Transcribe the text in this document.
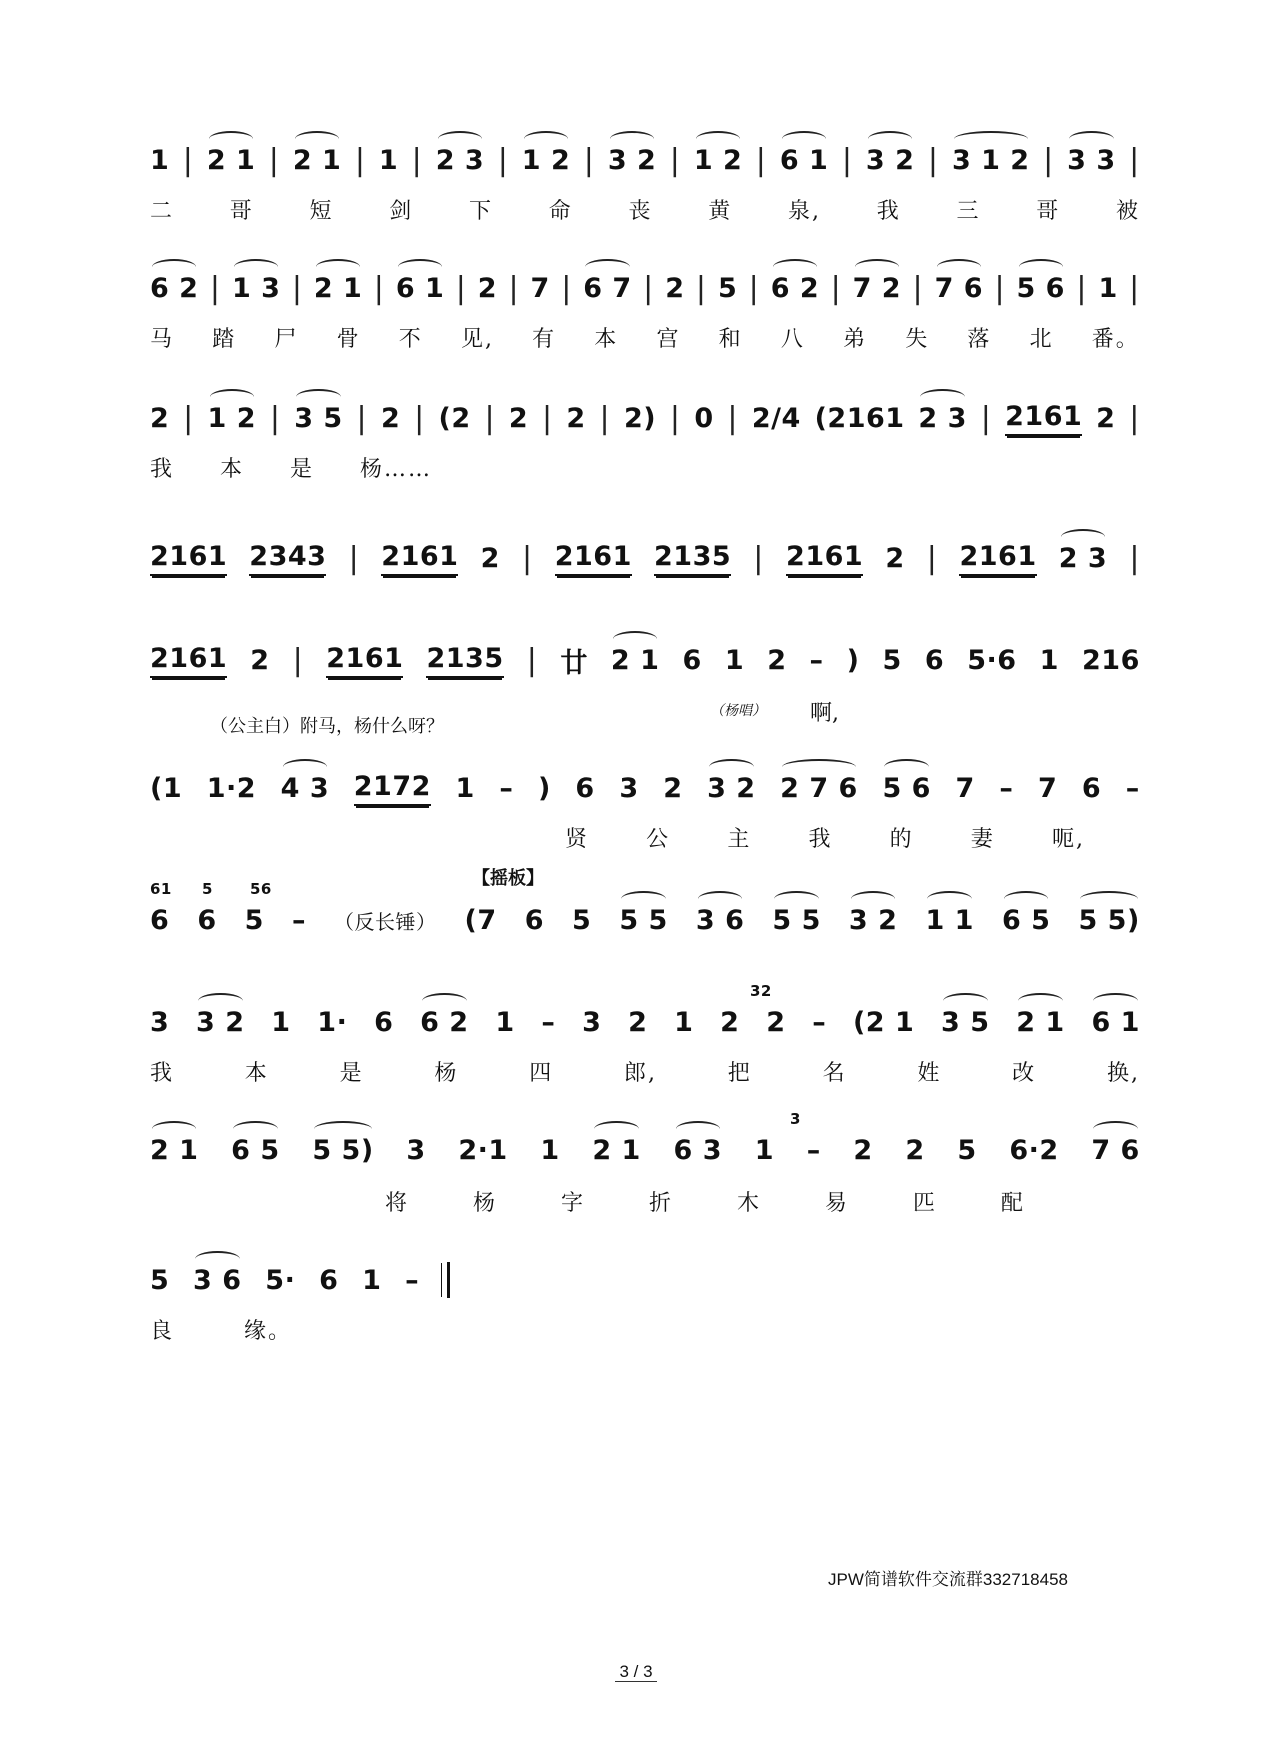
1 | 2 1 | 2 1 | 1 | 2 3 | 1 2 | 3 2 | 1 2 | 6 1 | 3 2 | 3 1 2 | 3 3 |
二	哥	短	剑	下	命	丧	黄	泉,	我	三	哥	被
6 2 | 1 3 | 2 1 | 6 1 | 2 | 7 | 6 7 | 2 | 5 | 6 2 | 7 2 | 7 6 | 5 6 | 1 |
马 踏 尸 骨 不 见, 有 本 宫 和 八 弟 失 落 北 番。
2 | 1 2 | 3 5 | 2 | (2 | 2 | 2 | 2) | 0 | 2/4 (2161 2 3 | 2161 2 |
我 本 是 杨……
2161 2343 | 2161 2 | 2161 2135 | 2161 2 | 2161 2 3 |
2161 2 | 2161 2135 | 廿 2 1 6 1 2 – ) 5 6 5·6 1 216
（公主白）附马，杨什么呀？
（杨唱） 啊,
(1 1·2 4 3 2172 1 – ) 6 3 2 3 2 2 7 6 5 6 7 – 7 6 –
贤	公	主	我	的	妻	呃,
【摇板】
6 6 5 – （反长锤） (7 6 5 5 5 3 6 5 5 3 2 1 1 6 5 5 5)
61 5 56
3 3 2 1 1· 6 6 2 1 – 3 2 1 2 2 – (2 1 3 5 2 1 6 1
32
我	本	是	杨	四	郎,	把	名	姓	改	换,
2 1 6 5 5 5) 3 2·1 1 2 1 6 3 1 – 2 2 5 6·2 7 6
3
将	杨	字	折	木	易	匹	配
5 3 6 5· 6 1 –
良	缘。
JPW简谱软件交流群332718458
3 / 3
